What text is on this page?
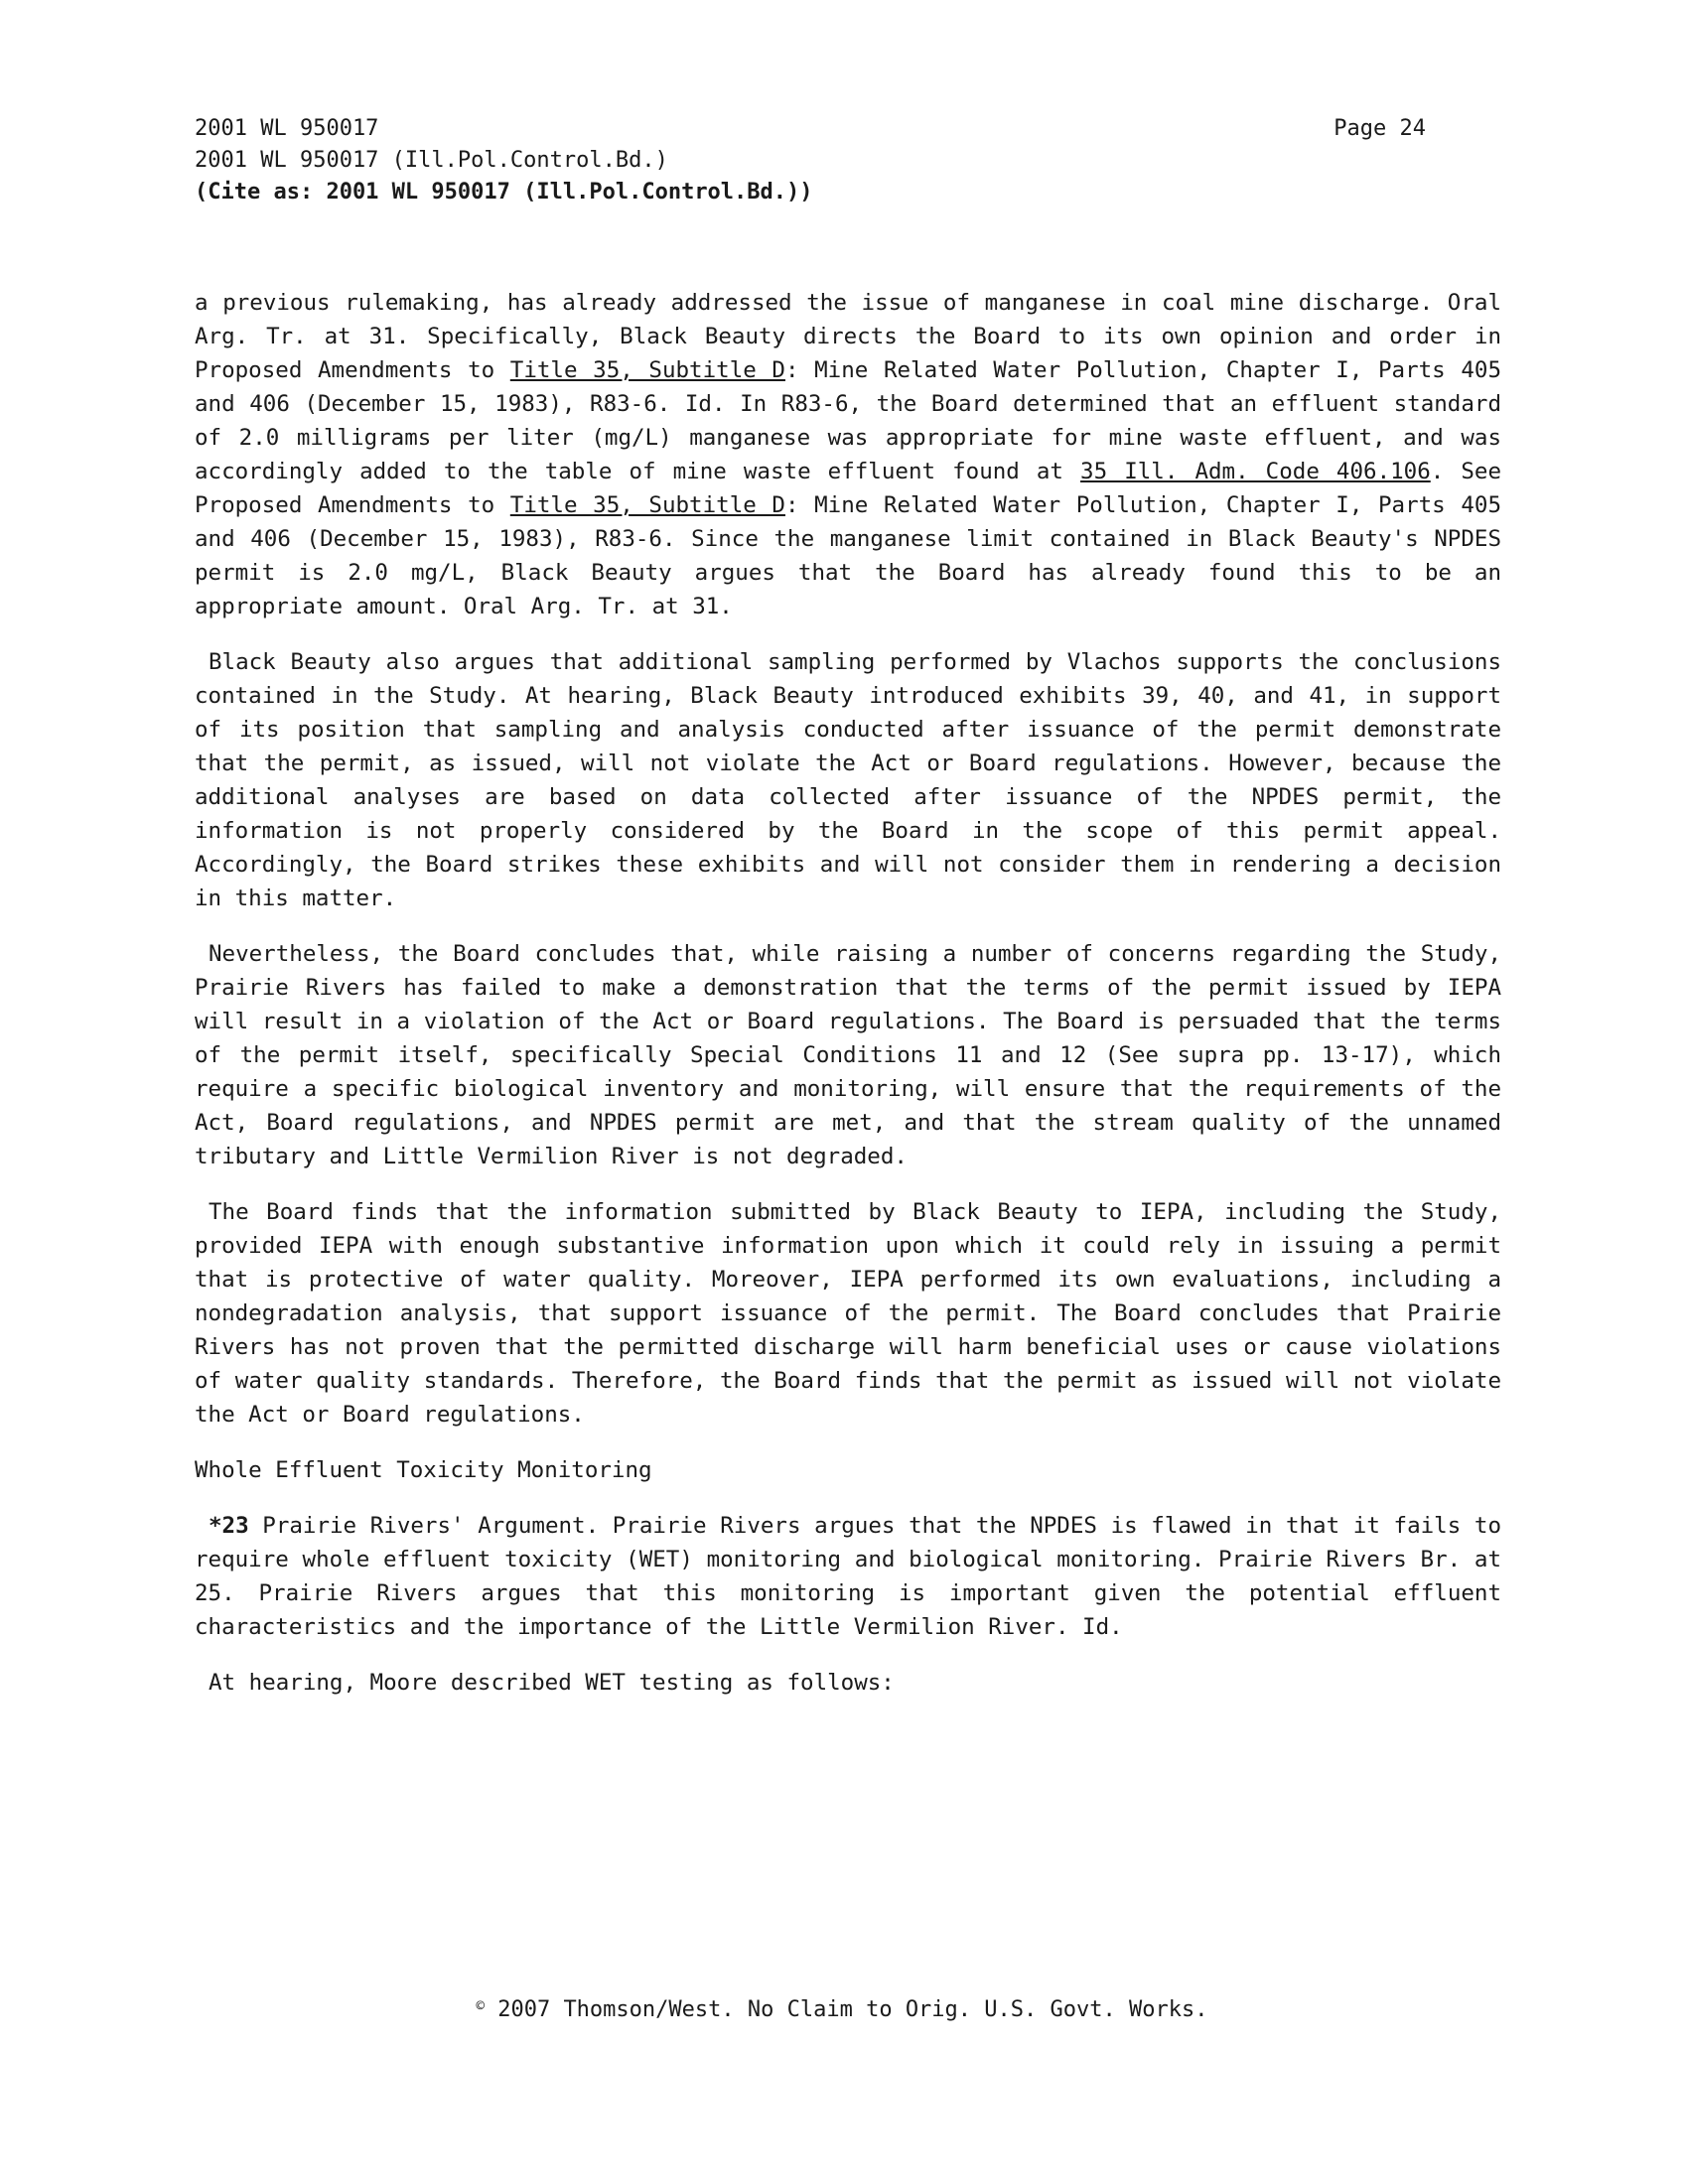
2001 WL 950017
2001 WL 950017 (Ill.Pol.Control.Bd.)
(Cite as: 2001 WL 950017 (Ill.Pol.Control.Bd.))
Page 24

a previous rulemaking, has already addressed the issue of manganese in coal mine discharge. Oral Arg. Tr. at 31. Specifically, Black Beauty directs the Board to its own opinion and order in Proposed Amendments to Title 35, Subtitle D: Mine Related Water Pollution, Chapter I, Parts 405 and 406 (December 15, 1983), R83-6. Id. In R83-6, the Board determined that an effluent standard of 2.0 milligrams per liter (mg/L) manganese was appropriate for mine waste effluent, and was accordingly added to the table of mine waste effluent found at 35 Ill. Adm. Code 406.106. See Proposed Amendments to Title 35, Subtitle D: Mine Related Water Pollution, Chapter I, Parts 405 and 406 (December 15, 1983), R83-6. Since the manganese limit contained in Black Beauty's NPDES permit is 2.0 mg/L, Black Beauty argues that the Board has already found this to be an appropriate amount. Oral Arg. Tr. at 31.

Black Beauty also argues that additional sampling performed by Vlachos supports the conclusions contained in the Study. At hearing, Black Beauty introduced exhibits 39, 40, and 41, in support of its position that sampling and analysis conducted after issuance of the permit demonstrate that the permit, as issued, will not violate the Act or Board regulations. However, because the additional analyses are based on data collected after issuance of the NPDES permit, the information is not properly considered by the Board in the scope of this permit appeal. Accordingly, the Board strikes these exhibits and will not consider them in rendering a decision in this matter.

Nevertheless, the Board concludes that, while raising a number of concerns regarding the Study, Prairie Rivers has failed to make a demonstration that the terms of the permit issued by IEPA will result in a violation of the Act or Board regulations. The Board is persuaded that the terms of the permit itself, specifically Special Conditions 11 and 12 (See supra pp. 13-17), which require a specific biological inventory and monitoring, will ensure that the requirements of the Act, Board regulations, and NPDES permit are met, and that the stream quality of the unnamed tributary and Little Vermilion River is not degraded.

The Board finds that the information submitted by Black Beauty to IEPA, including the Study, provided IEPA with enough substantive information upon which it could rely in issuing a permit that is protective of water quality. Moreover, IEPA performed its own evaluations, including a nondegradation analysis, that support issuance of the permit. The Board concludes that Prairie Rivers has not proven that the permitted discharge will harm beneficial uses or cause violations of water quality standards. Therefore, the Board finds that the permit as issued will not violate the Act or Board regulations.

Whole Effluent Toxicity Monitoring

*23 Prairie Rivers' Argument. Prairie Rivers argues that the NPDES is flawed in that it fails to require whole effluent toxicity (WET) monitoring and biological monitoring. Prairie Rivers Br. at 25. Prairie Rivers argues that this monitoring is important given the potential effluent characteristics and the importance of the Little Vermilion River. Id.

At hearing, Moore described WET testing as follows:

© 2007 Thomson/West. No Claim to Orig. U.S. Govt. Works.
